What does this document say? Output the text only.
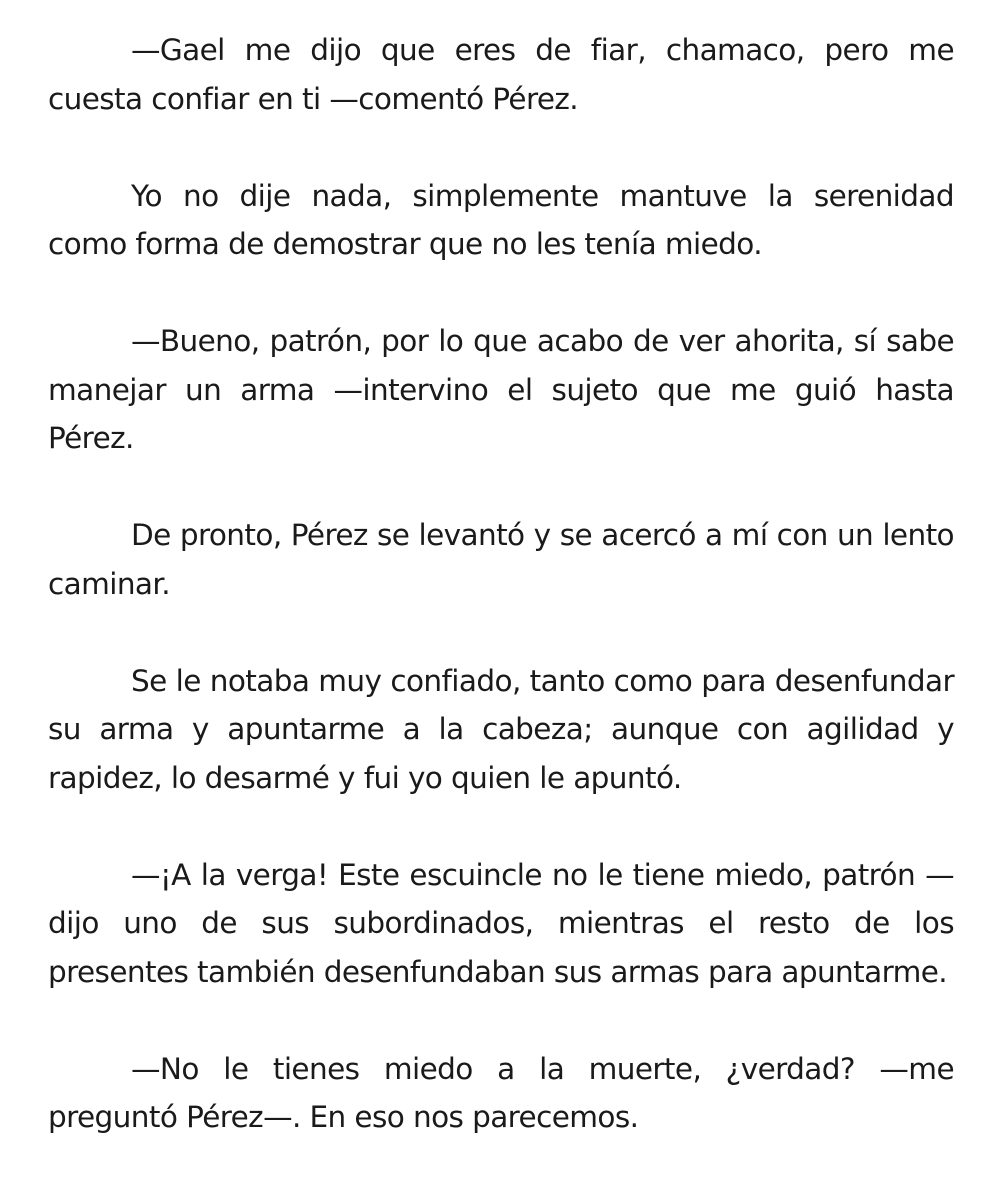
—Gael me dijo que eres de fiar, chamaco, pero me cuesta confiar en ti —comentó Pérez.

Yo no dije nada, simplemente mantuve la serenidad como forma de demostrar que no les tenía miedo.

—Bueno, patrón, por lo que acabo de ver ahorita, sí sabe manejar un arma —intervino el sujeto que me guió hasta Pérez.

De pronto, Pérez se levantó y se acercó a mí con un lento caminar.

Se le notaba muy confiado, tanto como para desenfundar su arma y apuntarme a la cabeza; aunque con agilidad y rapidez, lo desarmé y fui yo quien le apuntó.

—¡A la verga! Este escuincle no le tiene miedo, patrón —dijo uno de sus subordinados, mientras el resto de los presentes también desenfundaban sus armas para apuntarme.

—No le tienes miedo a la muerte, ¿verdad? —me preguntó Pérez—. En eso nos parecemos.
